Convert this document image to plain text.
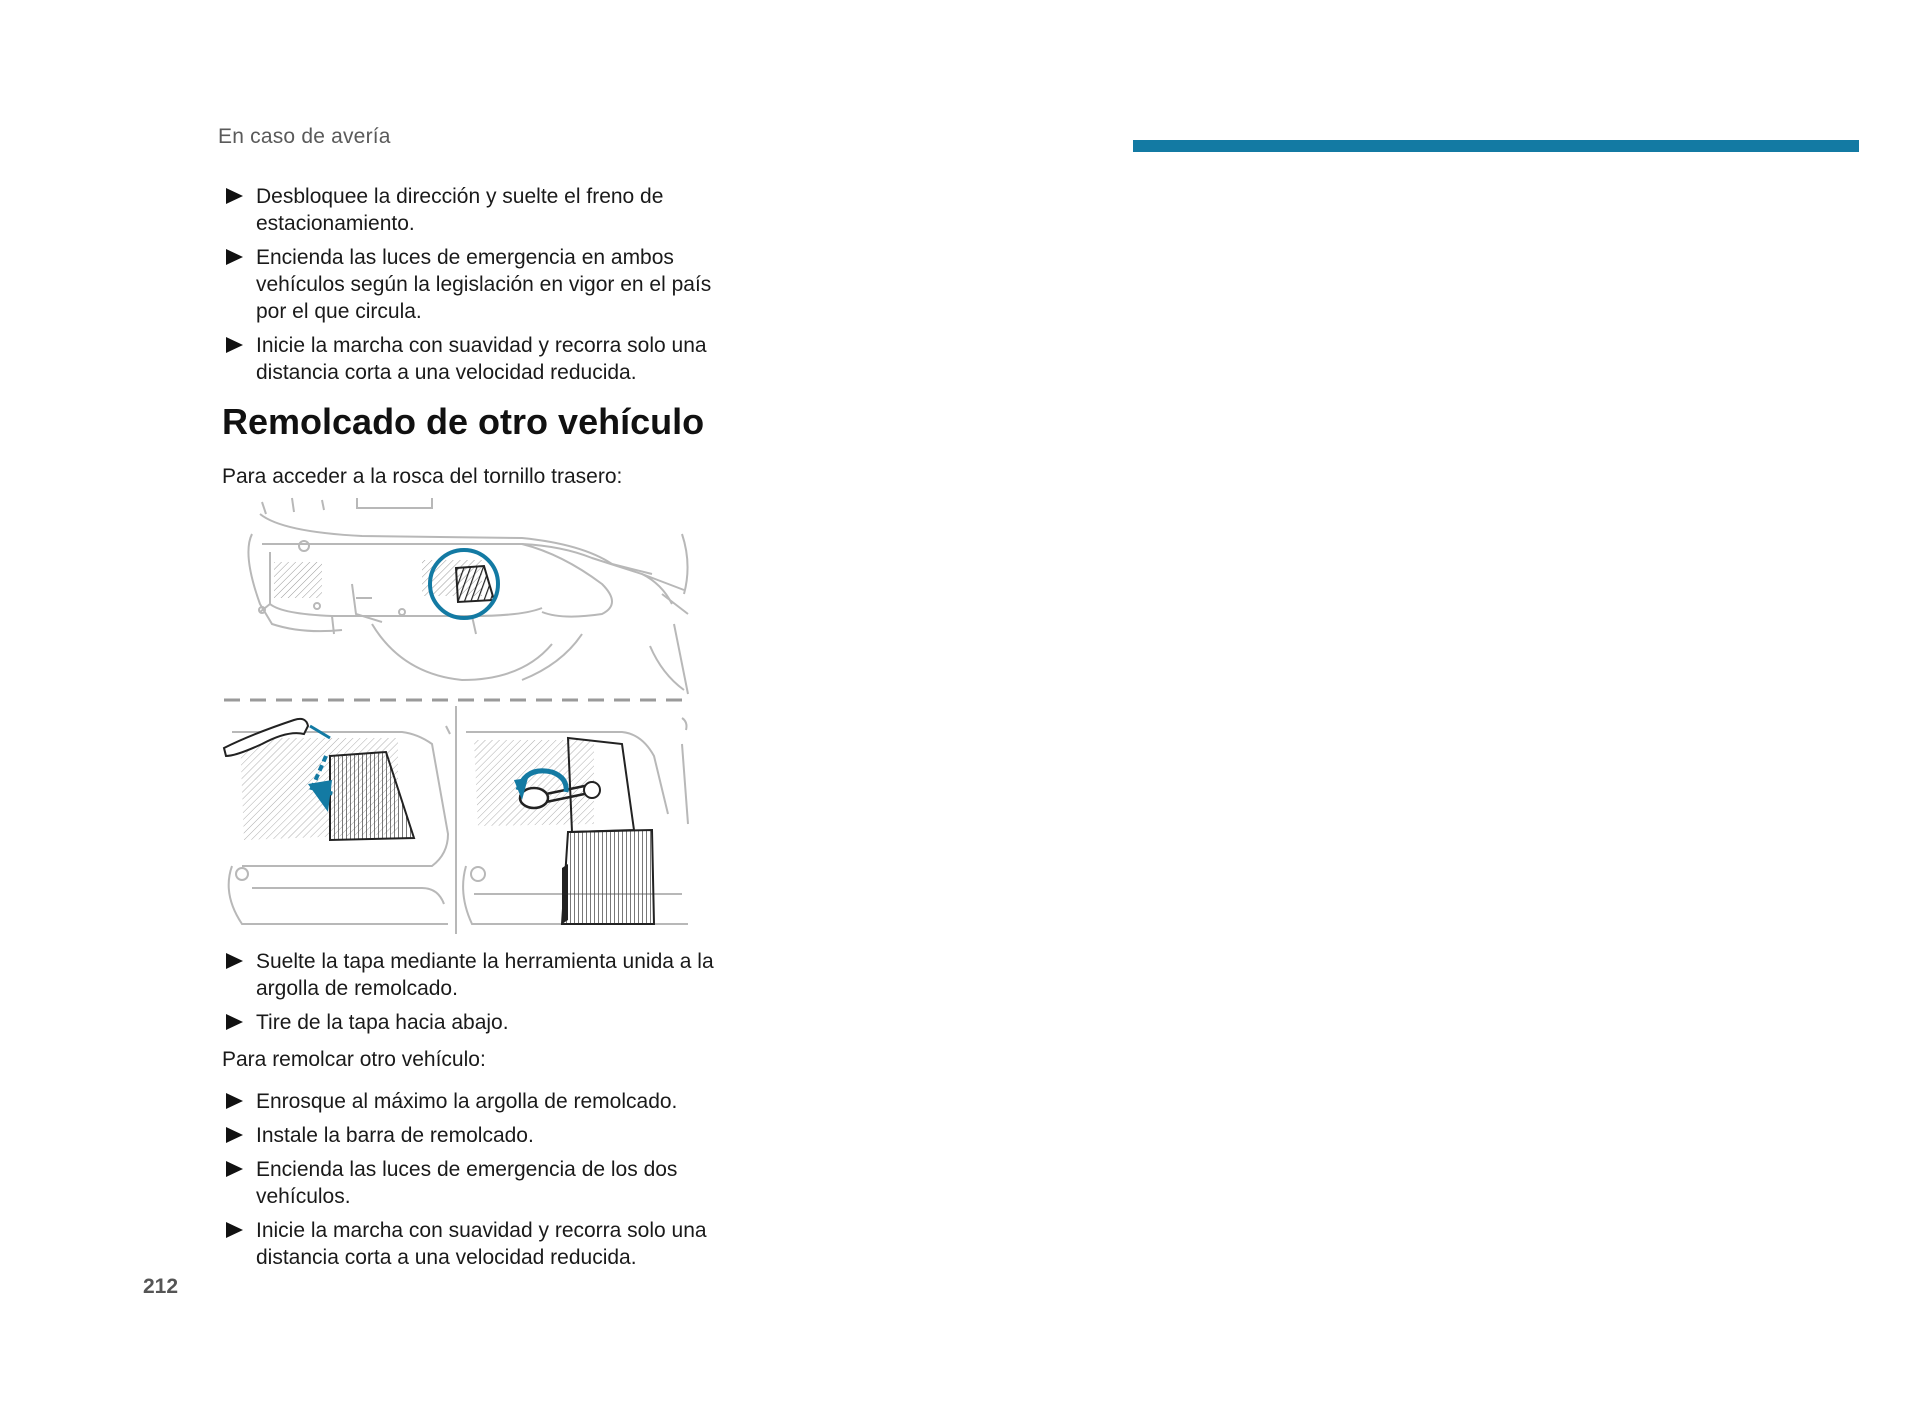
En caso de avería
Desbloquee la dirección y suelte el freno de estacionamiento.
Encienda las luces de emergencia en ambos vehículos según la legislación en vigor en el país por el que circula.
Inicie la marcha con suavidad y recorra solo una distancia corta a una velocidad reducida.
Remolcado de otro vehículo

Para acceder a la rosca del tornillo trasero:

Suelte la tapa mediante la herramienta unida a la argolla de remolcado.
Tire de la tapa hacia abajo.

Para remolcar otro vehículo:

Enrosque al máximo la argolla de remolcado.
Instale la barra de remolcado.
Encienda las luces de emergencia de los dos vehículos.
Inicie la marcha con suavidad y recorra solo una distancia corta a una velocidad reducida.
212
